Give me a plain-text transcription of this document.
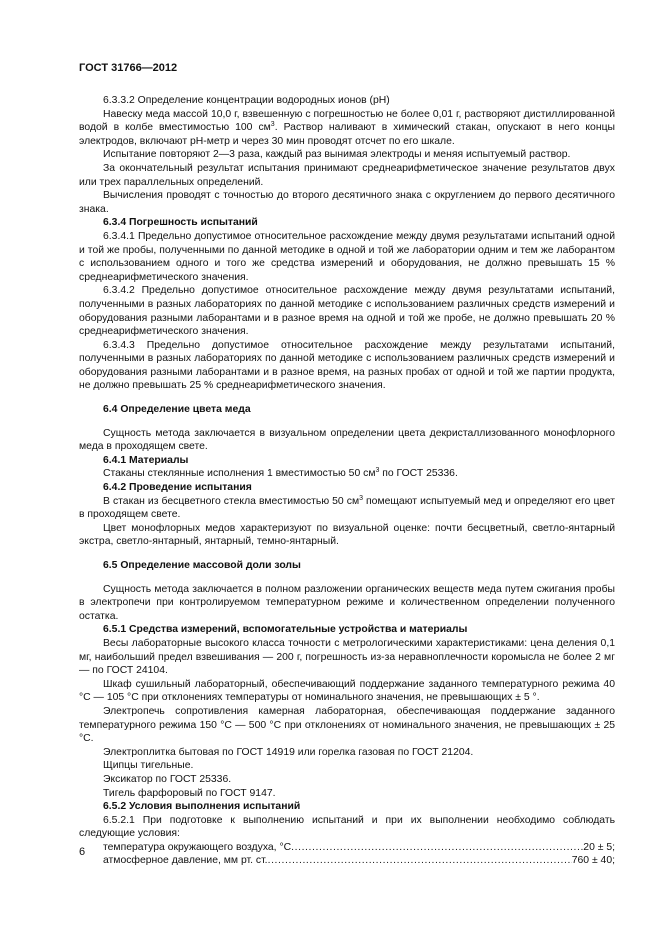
ГОСТ 31766—2012

6.3.3.2 Определение концентрации водородных ионов (pH)

Навеску меда массой 10,0 г, взвешенную с погрешностью не более 0,01 г, растворяют дистиллированной водой в колбе вместимостью 100 $см^3$. Раствор наливают в химический стакан, опускают в него концы электродов, включают pH-метр и через 30 мин проводят отсчет по его шкале.

Испытание повторяют 2—3 раза, каждый раз вынимая электроды и меняя испытуемый раствор.

За окончательный результат испытания принимают среднеарифметическое значение результатов двух или трех параллельных определений.

Вычисления проводят с точностью до второго десятичного знака с округлением до первого десятичного знака.

6.3.4 Погрешность испытаний

6.3.4.1 Предельно допустимое относительное расхождение между двумя результатами испытаний одной и той же пробы, полученными по данной методике в одной и той же лаборатории одним и тем же лаборантом с использованием одного и того же средства измерений и оборудования, не должно превышать 15 % среднеарифметического значения.

6.3.4.2 Предельно допустимое относительное расхождение между двумя результатами испытаний, полученными в разных лабораториях по данной методике с использованием различных средств измерений и оборудования разными лаборантами и в разное время на одной и той же пробе, не должно превышать 20 % среднеарифметического значения.

6.3.4.3 Предельно допустимое относительное расхождение между результатами испытаний, полученными в разных лабораториях по данной методике с использованием различных средств измерений и оборудования разными лаборантами и в разное время, на разных пробах от одной и той же партии продукта, не должно превышать 25 % среднеарифметического значения.

6.4 Определение цвета меда

Сущность метода заключается в визуальном определении цвета декристаллизованного монофлорного меда в проходящем свете.

6.4.1 Материалы

Стаканы стеклянные исполнения 1 вместимостью 50 $см^3$ по ГОСТ 25336.

6.4.2 Проведение испытания

В стакан из бесцветного стекла вместимостью 50 $см^3$ помещают испытуемый мед и определяют его цвет в проходящем свете.

Цвет монофлорных медов характеризуют по визуальной оценке: почти бесцветный, светло-янтарный экстра, светло-янтарный, янтарный, темно-янтарный.

6.5 Определение массовой доли золы

Сущность метода заключается в полном разложении органических веществ меда путем сжигания пробы в электропечи при контролируемом температурном режиме и количественном определении полученного остатка.

6.5.1 Средства измерений, вспомогательные устройства и материалы

Весы лабораторные высокого класса точности с метрологическими характеристиками: цена деления 0,1 мг, наибольший предел взвешивания — 200 г, погрешность из-за неравноплечности коромысла не более 2 мг — по ГОСТ 24104.

Шкаф сушильный лабораторный, обеспечивающий поддержание заданного температурного режима 40 °С — 105 °С при отклонениях температуры от номинального значения, не превышающих ± 5 °.

Электропечь сопротивления камерная лабораторная, обеспечивающая поддержание заданного температурного режима 150 °С — 500 °С при отклонениях от номинального значения, не превышающих ± 25 °С.

Электроплитка бытовая по ГОСТ 14919 или горелка газовая по ГОСТ 21204.

Щипцы тигельные.

Эксикатор по ГОСТ 25336.

Тигель фарфоровый по ГОСТ 9147.

6.5.2 Условия выполнения испытаний

6.5.2.1 При подготовке к выполнению испытаний и при их выполнении необходимо соблюдать следующие условия:

температура окружающего воздуха, °С .....	20 ± 5;
атмосферное давление, мм рт. ст. .....	760 ± 40;
6
